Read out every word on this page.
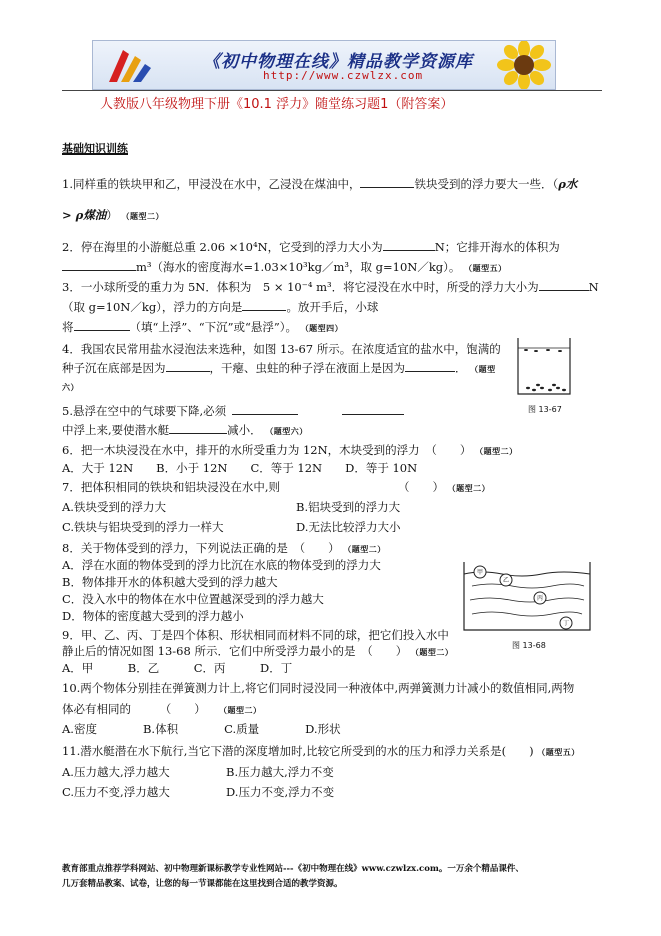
《初中物理在线》精品教学资源库
http://www.czwlzx.com
人教版八年级物理下册《10.1 浮力》随堂练习题1（附答案）
基础知识训练
1.同样重的铁块甲和乙，甲浸没在水中，乙浸没在煤油中，	铁块受到的浮力要大一些．（ρ水
> ρ煤油） （题型二）
2．停在海里的小游艇总重 2.06 ×10⁴N，它受到的浮力大小为	N；它排开海水的体积为
m³（海水的密度海水=1.03×10³kg／m³，取 g=10N／kg）。 （题型五）
3．一小球所受的重力为 5N．体积为　5 × 10⁻⁴ m³．将它浸没在水中时，所受的浮力大小为	N
（取 g=10N／kg），浮力的方向是	。放开手后，小球
将	（填“上浮”、“下沉”或“悬浮”）。 （题型四）
4．我国农民常用盐水浸泡法来选种，如图 13-67 所示。在浓度适宜的盐水中，饱满的
种子沉在底部是因为	，干瘪、虫蛀的种子浮在液面上是因为	． （题型
六）
图 13-67
5.悬浮在空中的气球要下降,必须
中浮上来,要使潜水艇	减小． （题型六）
6．把一木块浸没在水中，排开的水所受重力为 12N，木块受到的浮力　（　　） （题型二）
A．大于 12N　　B．小于 12N　　C．等于 12N　　D．等于 10N
7．把体积相同的铁块和铝块浸没在水中,则	（　　） （题型二）
A.铁块受到的浮力大	B.铝块受到的浮力大
C.铁块与铝块受到的浮力一样大	D.无法比较浮力大小
8．关于物体受到的浮力，下列说法正确的是　（　　） （题型二）
A．浮在水面的物体受到的浮力比沉在水底的物体受到的浮力大
B．物体排开水的体积越大受到的浮力越大
C．没入水中的物体在水中位置越深受到的浮力越大
D．物体的密度越大受到的浮力越小
甲
乙
丙
丁
图 13-68
9．甲、乙、丙、丁是四个体积、形状相同而材料不同的球，把它们投入水中
静止后的情况如图 13-68 所示．它们中所受浮力最小的是　（　　） （题型二）
A．甲　　　B．乙　　　C．丙　　　D．丁
10.两个物体分别挂在弹簧测力计上,将它们同时浸没同一种液体中,两弹簧测力计减小的数值相同,两物
体必有相同的　　　	（　　）　　	（题型二）
A.密度　　　　B.体积　　　　C.质量　　　　D.形状
11.潜水艇潜在水下航行,当它下潜的深度增加时,比较它所受到的水的压力和浮力关系是(　　) （题型五）
A.压力越大,浮力越大	B.压力越大,浮力不变
C.压力不变,浮力越大	D.压力不变,浮力不变
教育部重点推荐学科网站、初中物理新课标教学专业性网站---《初中物理在线》www.czwlzx.com。一万余个精品课件、
几万套精品教案、试卷，让您的每一节课都能在这里找到合适的教学资源。
